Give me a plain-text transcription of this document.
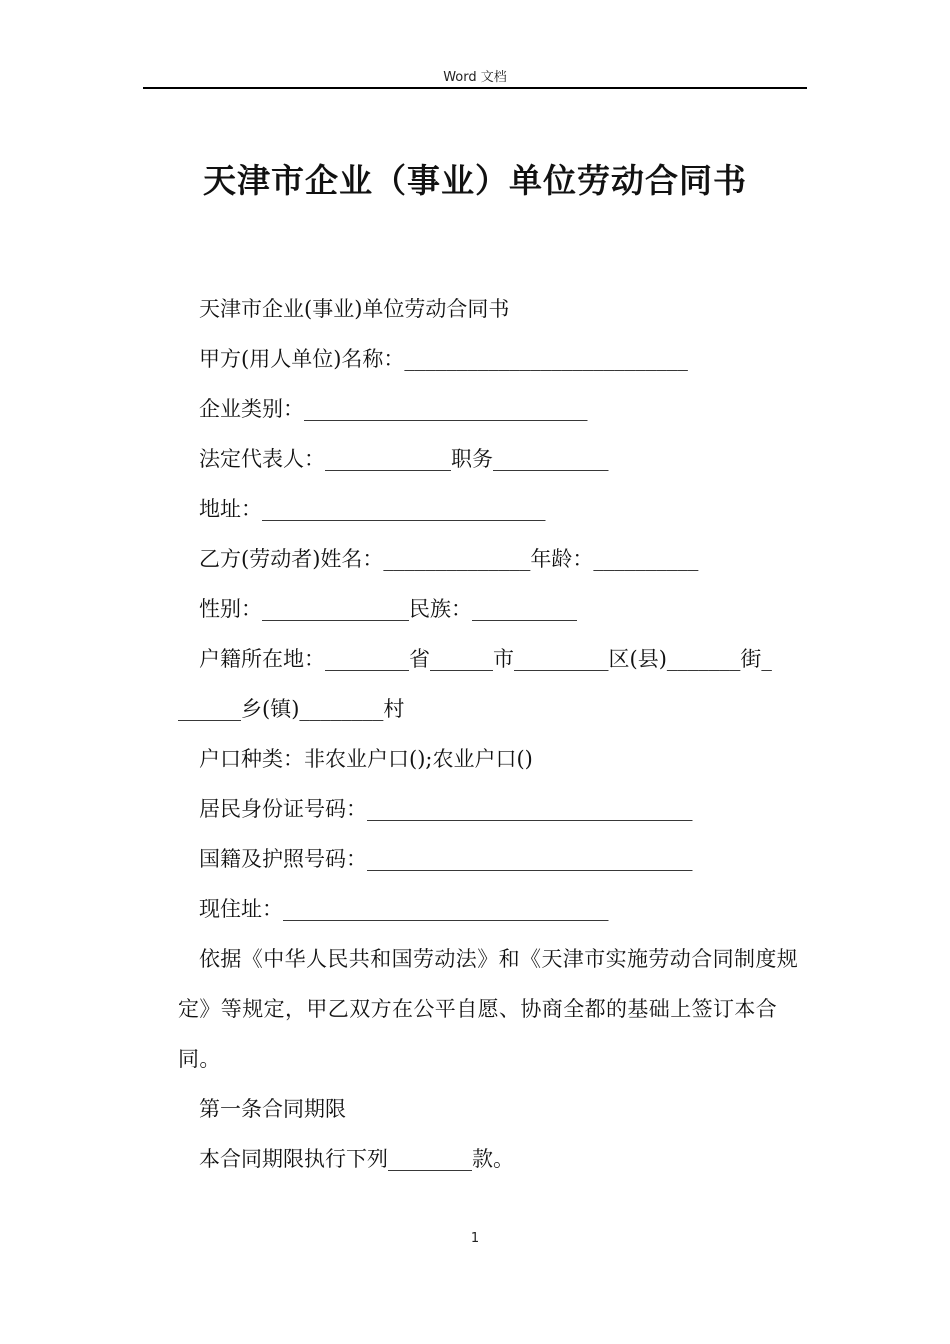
Word 文档
天津市企业（事业）单位劳动合同书

天津市企业(事业)单位劳动合同书

甲方(用人单位)名称：___________________________

企业类别：___________________________

法定代表人：____________职务___________

地址：___________________________

乙方(劳动者)姓名：______________年龄：__________

性别：______________民族：__________

户籍所在地：________省______市_________区(县)_______街_

______乡(镇)________村

户口种类：非农业户口();农业户口()

居民身份证号码：_______________________________

国籍及护照号码：_______________________________

现住址：_______________________________

依据《中华人民共和国劳动法》和《天津市实施劳动合同制度规定》等规定，甲乙双方在公平自愿、协商全都的基础上签订本合同。

第一条合同期限

本合同期限执行下列________款。

1
